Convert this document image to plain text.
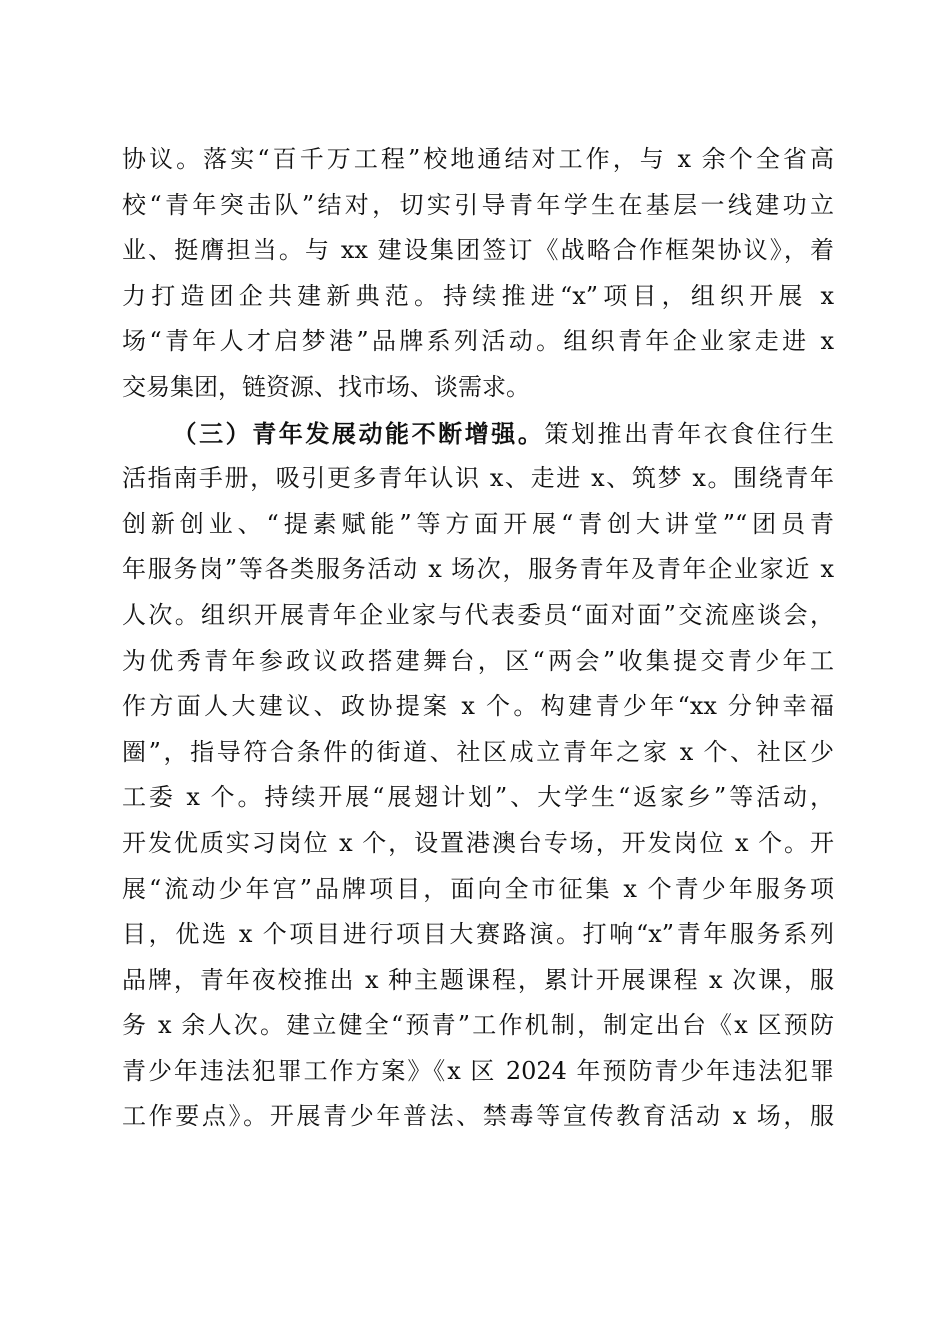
协议。落实“百千万工程”校地通结对工作，与 x 余个全省高
校“青年突击队”结对，切实引导青年学生在基层一线建功立
业、挺膺担当。与 xx 建设集团签订《战略合作框架协议》，着
力打造团企共建新典范。持续推进“x”项目，组织开展 x
场“青年人才启梦港”品牌系列活动。组织青年企业家走进 x
交易集团，链资源、找市场、谈需求。
（三）青年发展动能不断增强。策划推出青年衣食住行生
活指南手册，吸引更多青年认识 x、走进 x、筑梦 x。围绕青年
创新创业、“提素赋能”等方面开展“青创大讲堂”“团员青
年服务岗”等各类服务活动 x 场次，服务青年及青年企业家近 x
人次。组织开展青年企业家与代表委员“面对面”交流座谈会，
为优秀青年参政议政搭建舞台，区“两会”收集提交青少年工
作方面人大建议、政协提案 x 个。构建青少年“xx 分钟幸福
圈”，指导符合条件的街道、社区成立青年之家 x 个、社区少
工委 x 个。持续开展“展翅计划”、大学生“返家乡”等活动，
开发优质实习岗位 x 个，设置港澳台专场，开发岗位 x 个。开
展“流动少年宫”品牌项目，面向全市征集 x 个青少年服务项
目，优选 x 个项目进行项目大赛路演。打响“x”青年服务系列
品牌，青年夜校推出 x 种主题课程，累计开展课程 x 次课，服
务 x 余人次。建立健全“预青”工作机制，制定出台《x 区预防
青少年违法犯罪工作方案》《x 区 2024 年预防青少年违法犯罪
工作要点》。开展青少年普法、禁毒等宣传教育活动 x 场，服
